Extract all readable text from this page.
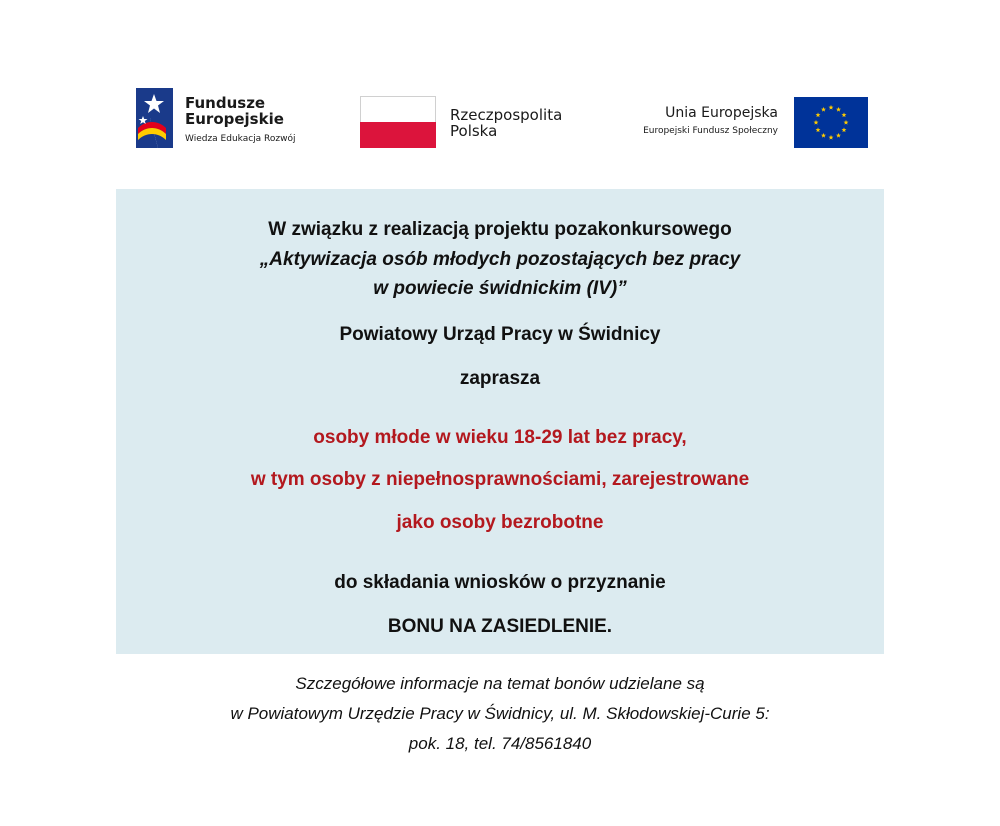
Fundusze
Europejskie
Wiedza Edukacja Rozwój
Rzeczpospolita
Polska
Unia Europejska
Europejski Fundusz Społeczny
W związku z realizacją projektu pozakonkursowego
„Aktywizacja osób młodych pozostających bez pracy
w powiecie świdnickim (IV)”
Powiatowy Urząd Pracy w Świdnicy
zaprasza
osoby młode w wieku 18-29 lat bez pracy,
w tym osoby z niepełnosprawnościami, zarejestrowane
jako osoby bezrobotne
do składania wniosków o przyznanie
BONU NA ZASIEDLENIE.
Szczegółowe informacje na temat bonów udzielane są
w Powiatowym Urzędzie Pracy w Świdnicy, ul. M. Skłodowskiej-Curie 5:
pok. 18, tel. 74/8561840
